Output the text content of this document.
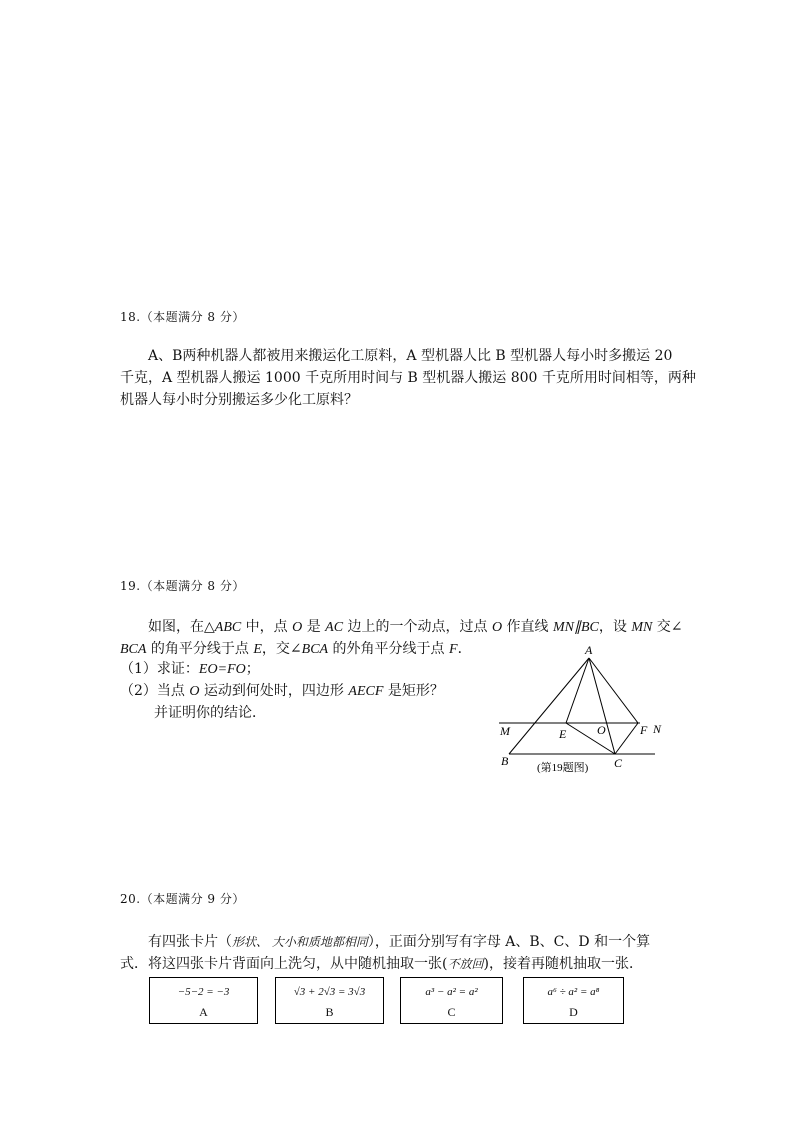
18.（本题满分 8 分）
A、B两种机器人都被用来搬运化工原料，A 型机器人比 B 型机器人每小时多搬运 20
千克，A 型机器人搬运 1000 千克所用时间与 B 型机器人搬运 800 千克所用时间相等，两种
机器人每小时分别搬运多少化工原料？
19.（本题满分 8 分）
如图，在△ABC 中，点 O 是 AC 边上的一个动点，过点 O 作直线 MN∥BC，设 MN 交∠
BCA 的角平分线于点 E，交∠BCA 的外角平分线于点 F．
（1）求证：EO=FO；
（2）当点 O 运动到何处时，四边形 AECF 是矩形？
并证明你的结论．
A
M	E	O	F N
B	C
(第19题图)
20.（本题满分 9 分）
有四张卡片（形状、 大小和质地都相同），正面分别写有字母 A、B、C、D 和一个算
式．将这四张卡片背面向上洗匀，从中随机抽取一张(不放回)，接着再随机抽取一张．
−5−2 = −3
A
√3 + 2√3 = 3√3
B
a³ − a² = a²
C
a⁶ ÷ a² = a⁸
D
